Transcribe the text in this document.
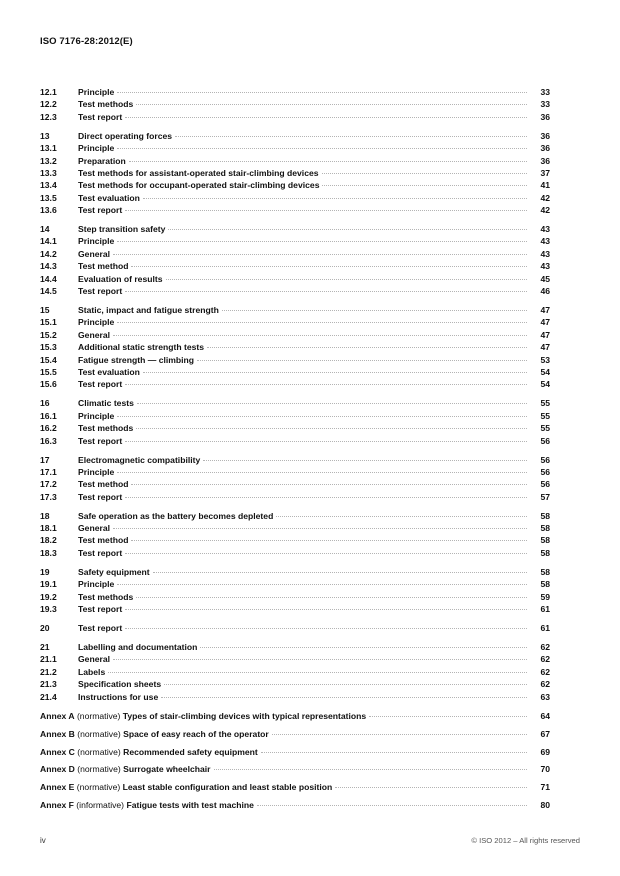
ISO 7176-28:2012(E)
12.1	Principle	33
12.2	Test methods	33
12.3	Test report	36
13	Direct operating forces	36
13.1	Principle	36
13.2	Preparation	36
13.3	Test methods for assistant-operated stair-climbing devices	37
13.4	Test methods for occupant-operated stair-climbing devices	41
13.5	Test evaluation	42
13.6	Test report	42
14	Step transition safety	43
14.1	Principle	43
14.2	General	43
14.3	Test method	43
14.4	Evaluation of results	45
14.5	Test report	46
15	Static, impact and fatigue strength	47
15.1	Principle	47
15.2	General	47
15.3	Additional static strength tests	47
15.4	Fatigue strength — climbing	53
15.5	Test evaluation	54
15.6	Test report	54
16	Climatic tests	55
16.1	Principle	55
16.2	Test methods	55
16.3	Test report	56
17	Electromagnetic compatibility	56
17.1	Principle	56
17.2	Test method	56
17.3	Test report	57
18	Safe operation as the battery becomes depleted	58
18.1	General	58
18.2	Test method	58
18.3	Test report	58
19	Safety equipment	58
19.1	Principle	58
19.2	Test methods	59
19.3	Test report	61
20	Test report	61
21	Labelling and documentation	62
21.1	General	62
21.2	Labels	62
21.3	Specification sheets	62
21.4	Instructions for use	63
Annex A (normative) Types of stair-climbing devices with typical representations	64
Annex B (normative) Space of easy reach of the operator	67
Annex C (normative) Recommended safety equipment	69
Annex D (normative) Surrogate wheelchair	70
Annex E (normative) Least stable configuration and least stable position	71
Annex F (informative) Fatigue tests with test machine	80
iv	© ISO 2012 – All rights reserved
